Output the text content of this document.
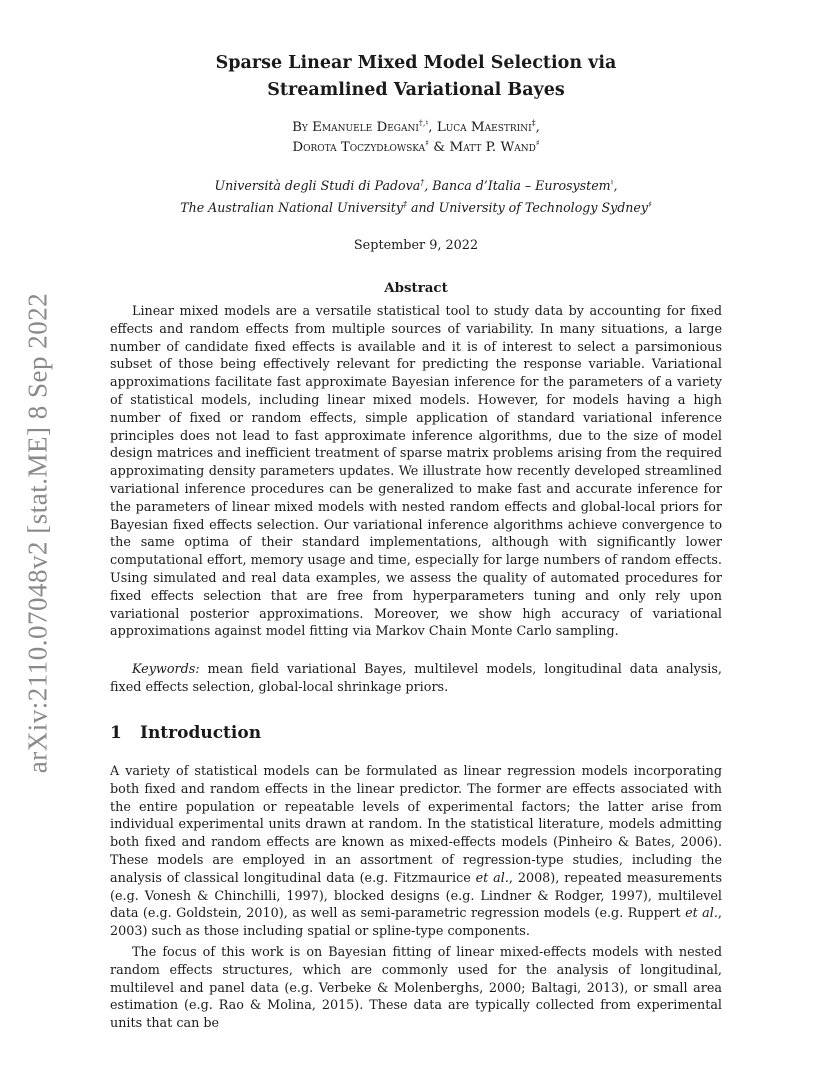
arXiv:2110.07048v2 [stat.ME] 8 Sep 2022
Sparse Linear Mixed Model Selection via
Streamlined Variational Bayes
By Emanuele Degani†,♮, Luca Maestrini‡,
Dorota Toczydłowska♯ & Matt P. Wand♯
Università degli Studi di Padova†, Banca d’Italia – Eurosystem♮,
The Australian National University‡ and University of Technology Sydney♯
September 9, 2022
Abstract

Linear mixed models are a versatile statistical tool to study data by accounting for fixed effects and random effects from multiple sources of variability. In many situations, a large number of candidate fixed effects is available and it is of interest to select a parsimonious subset of those being effectively relevant for predicting the response variable. Variational approximations facilitate fast approximate Bayesian inference for the parameters of a variety of statistical models, including linear mixed models. However, for models having a high number of fixed or random effects, simple application of standard variational inference principles does not lead to fast approximate inference algorithms, due to the size of model design matrices and inefficient treatment of sparse matrix problems arising from the required approximating density parameters updates. We illustrate how recently developed streamlined variational inference procedures can be generalized to make fast and accurate inference for the parameters of linear mixed models with nested random effects and global-local priors for Bayesian fixed effects selection. Our variational inference algorithms achieve convergence to the same optima of their standard implementations, although with significantly lower computational effort, memory usage and time, especially for large numbers of random effects. Using simulated and real data examples, we assess the quality of automated procedures for fixed effects selection that are free from hyperparameters tuning and only rely upon variational posterior approximations. Moreover, we show high accuracy of variational approximations against model fitting via Markov Chain Monte Carlo sampling.

Keywords: mean field variational Bayes, multilevel models, longitudinal data analysis, fixed effects selection, global-local shrinkage priors.

1 Introduction

A variety of statistical models can be formulated as linear regression models incorporating both fixed and random effects in the linear predictor. The former are effects associated with the entire population or repeatable levels of experimental factors; the latter arise from individual experimental units drawn at random. In the statistical literature, models admitting both fixed and random effects are known as mixed-effects models (Pinheiro & Bates, 2006). These models are employed in an assortment of regression-type studies, including the analysis of classical longitudinal data (e.g. Fitzmaurice et al., 2008), repeated measurements (e.g. Vonesh & Chinchilli, 1997), blocked designs (e.g. Lindner & Rodger, 1997), multilevel data (e.g. Goldstein, 2010), as well as semi-parametric regression models (e.g. Ruppert et al., 2003) such as those including spatial or spline-type components.

The focus of this work is on Bayesian fitting of linear mixed-effects models with nested random effects structures, which are commonly used for the analysis of longitudinal, multilevel and panel data (e.g. Verbeke & Molenberghs, 2000; Baltagi, 2013), or small area estimation (e.g. Rao & Molina, 2015). These data are typically collected from experimental units that can be
